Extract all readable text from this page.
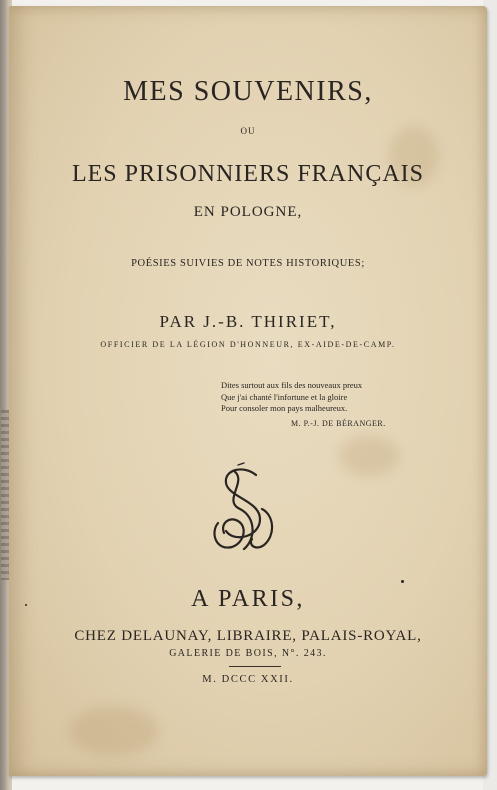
MES SOUVENIRS,
OU
LES PRISONNIERS FRANÇAIS
EN POLOGNE,
POÉSIES SUIVIES DE NOTES HISTORIQUES;
PAR J.-B. THIRIET,
OFFICIER DE LA LÉGION D'HONNEUR, EX-AIDE-DE-CAMP.
Dites surtout aux fils des nouveaux preux
Que j'ai chanté l'infortune et la gloire
Pour consoler mon pays malheureux.
M. P.-J. DE BÉRANGER.
A PARIS,
CHEZ DELAUNAY, LIBRAIRE, PALAIS-ROYAL,
GALERIE DE BOIS, N°. 243.
M. DCCC XXII.
